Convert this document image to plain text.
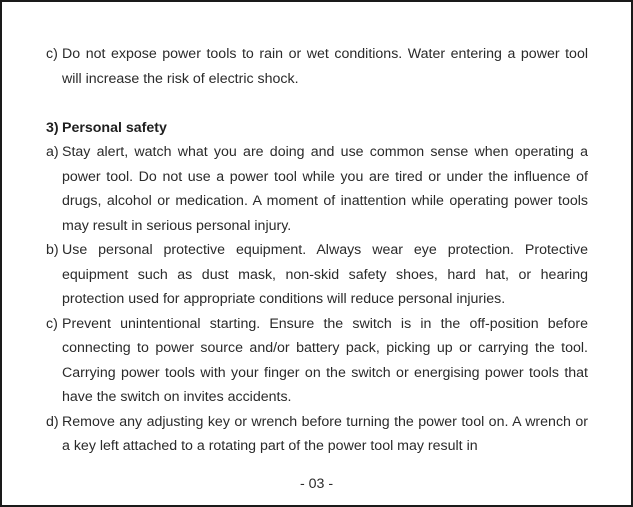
c) Do not expose power tools to rain or wet conditions. Water entering a power tool will increase the risk of electric shock.
3) Personal safety
a) Stay alert, watch what you are doing and use common sense when operating a power tool. Do not use a power tool while you are tired or under the influence of drugs, alcohol or medication. A moment of inattention while operating power tools may result in serious personal injury.
b) Use personal protective equipment. Always wear eye protection. Protective equipment such as dust mask, non-skid safety shoes, hard hat, or hearing protection used for appropriate conditions will reduce personal injuries.
c) Prevent unintentional starting. Ensure the switch is in the off-position before connecting to power source and/or battery pack, picking up or carrying the tool. Carrying power tools with your finger on the switch or energising power tools that have the switch on invites accidents.
d) Remove any adjusting key or wrench before turning the power tool on. A wrench or a key left attached to a rotating part of the power tool may result in
- 03 -
